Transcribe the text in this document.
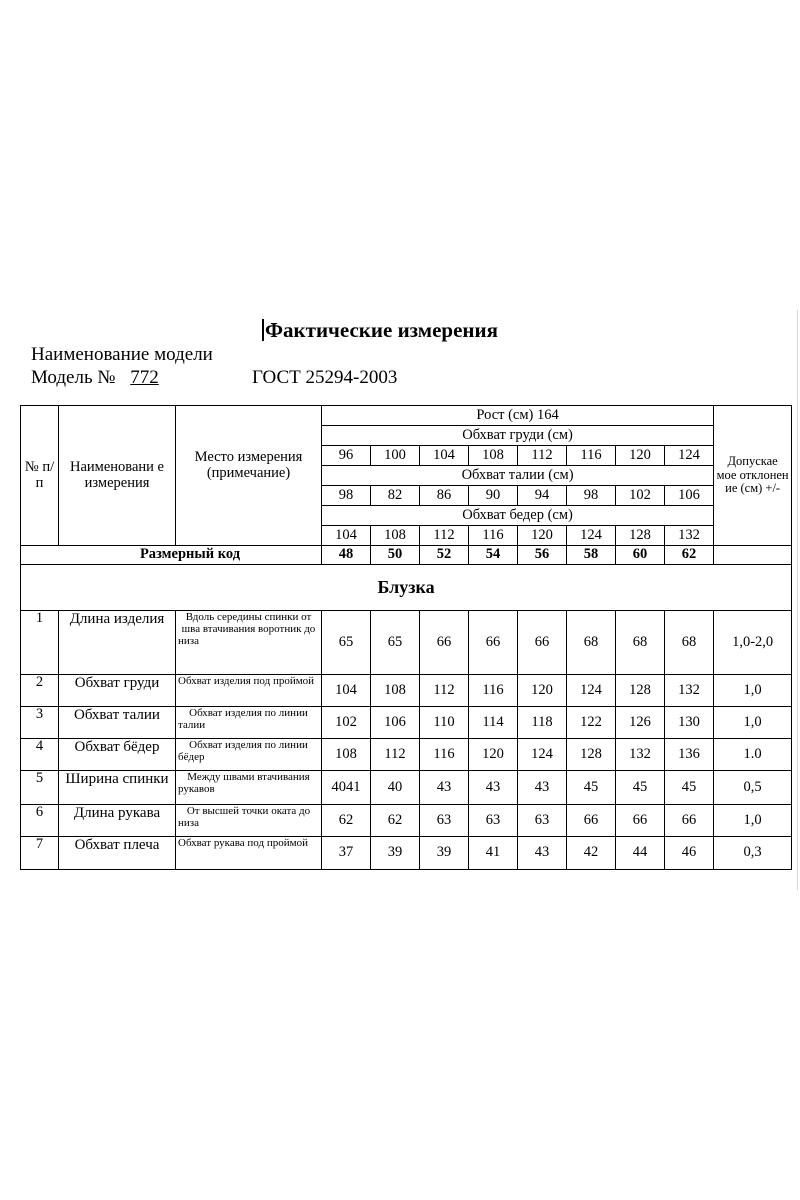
Фактические измерения
Наименование модели
Модель № 772	ГОСТ 25294-2003
№ п/п	Наименовани е измерения	Место измерения (примечание)	Рост (см) 164								Допускае мое отклонен ие (см) +/-
			Обхват груди (см)								
			96	100	104	108	112	116	120	124	
			Обхват талии (см)								
			98	82	86	90	94	98	102	106	
			Обхват бедер (см)								
			104	108	112	116	120	124	128	132	
Размерный код			48	50	52	54	56	58	60	62	
Блузка											
1	Длина изделия	Вдоль середины спинки от шва втачивания воротник до низа	65	65	66	66	66	68	68	68	1,0-2,0
2	Обхват груди	Обхват изделия под проймой	104	108	112	116	120	124	128	132	1,0
3	Обхват талии	Обхват изделия по линии талии	102	106	110	114	118	122	126	130	1,0
4	Обхват бёдер	Обхват изделия по линии бёдер	108	112	116	120	124	128	132	136	1.0
5	Ширина спинки	Между швами втачивания рукавов	4041	40	43	43	43	45	45	45	0,5
6	Длина рукава	От высшей точки оката до низа	62	62	63	63	63	66	66	66	1,0
7	Обхват плеча	Обхват рукава под проймой	37	39	39	41	43	42	44	46	0,3
